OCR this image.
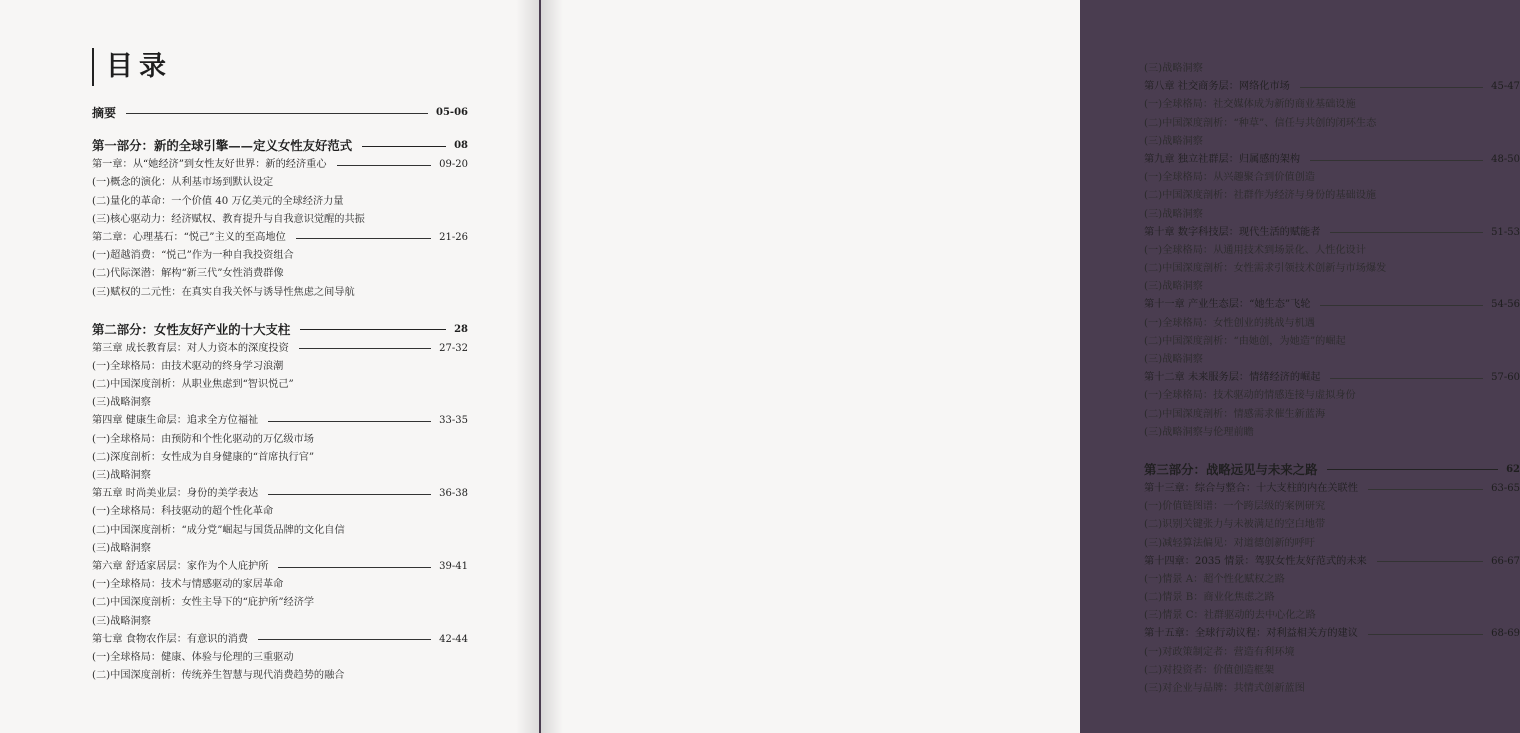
目录
摘要	05-06
第一部分：新的全球引擎——定义女性友好范式	08
第一章：从“她经济”到女性友好世界：新的经济重心	09-20
(一)概念的演化：从利基市场到默认设定
(二)量化的革命：一个价值 40 万亿美元的全球经济力量
(三)核心驱动力：经济赋权、教育提升与自我意识觉醒的共振
第二章：心理基石：“悦己”主义的至高地位	21-26
(一)超越消费：“悦己”作为一种自我投资组合
(二)代际深潜：解构“新三代”女性消费群像
(三)赋权的二元性：在真实自我关怀与诱导性焦虑之间导航
第二部分：女性友好产业的十大支柱	28
第三章 成长教育层：对人力资本的深度投资	27-32
(一)全球格局：由技术驱动的终身学习浪潮
(二)中国深度剖析：从职业焦虑到“智识悦己”
(三)战略洞察
第四章 健康生命层：追求全方位福祉	33-35
(一)全球格局：由预防和个性化驱动的万亿级市场
(二)深度剖析：女性成为自身健康的“首席执行官”
(三)战略洞察
第五章 时尚美业层：身份的美学表达	36-38
(一)全球格局：科技驱动的超个性化革命
(二)中国深度剖析：“成分党”崛起与国货品牌的文化自信
(三)战略洞察
第六章 舒适家居层：家作为个人庇护所	39-41
(一)全球格局：技术与情感驱动的家居革命
(二)中国深度剖析：女性主导下的“庇护所”经济学
(三)战略洞察
第七章 食物农作层：有意识的消费	42-44
(一)全球格局：健康、体验与伦理的三重驱动
(二)中国深度剖析：传统养生智慧与现代消费趋势的融合
(三)战略洞察
第八章 社交商务层：网络化市场	45-47
(一)全球格局：社交媒体成为新的商业基础设施
(二)中国深度剖析：“种草”、信任与共创的闭环生态
(三)战略洞察
第九章 独立社群层：归属感的架构	48-50
(一)全球格局：从兴趣聚合到价值创造
(二)中国深度剖析：社群作为经济与身份的基础设施
(三)战略洞察
第十章 数字科技层：现代生活的赋能者	51-53
(一)全球格局：从通用技术到场景化、人性化设计
(二)中国深度剖析：女性需求引领技术创新与市场爆发
(三)战略洞察
第十一章 产业生态层：“她生态”飞轮	54-56
(一)全球格局：女性创业的挑战与机遇
(二)中国深度剖析：“由她创，为她造”的崛起
(三)战略洞察
第十二章 未来服务层：情绪经济的崛起	57-60
(一)全球格局：技术驱动的情感连接与虚拟身份
(二)中国深度剖析：情感需求催生新蓝海
(三)战略洞察与伦理前瞻
第三部分：战略远见与未来之路	62
第十三章：综合与整合：十大支柱的内在关联性	63-65
(一)价值链图谱：一个跨层级的案例研究
(二)识别关键张力与未被满足的空白地带
(三)减轻算法偏见：对道德创新的呼吁
第十四章：2035 情景：驾驭女性友好范式的未来	66-67
(一)情景 A：超个性化赋权之路
(二)情景 B：商业化焦虑之路
(三)情景 C：社群驱动的去中心化之路
第十五章：全球行动议程：对利益相关方的建议	68-69
(一)对政策制定者：营造有利环境
(二)对投资者：价值创造框架
(三)对企业与品牌：共情式创新蓝图
